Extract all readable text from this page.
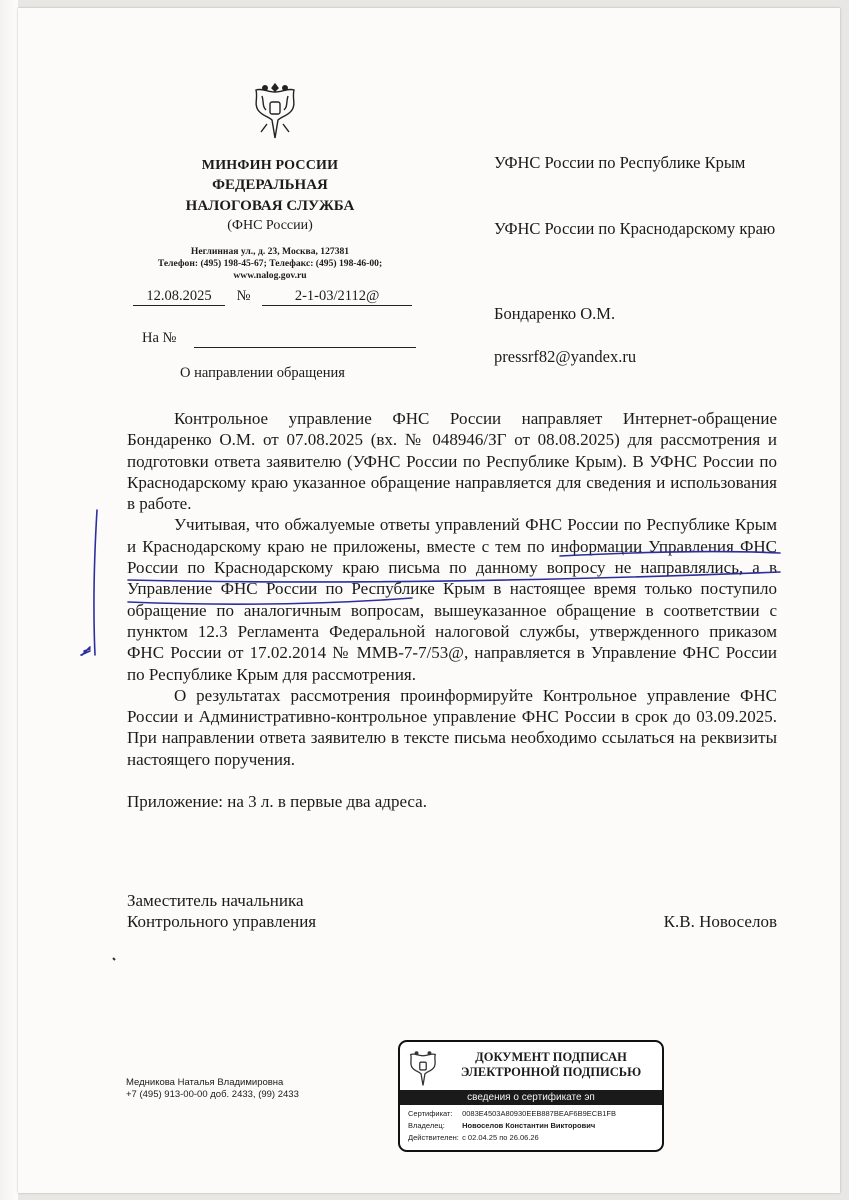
МИНФИН РОССИИ
ФЕДЕРАЛЬНАЯ
НАЛОГОВАЯ СЛУЖБА
(ФНС России)
Неглинная ул., д. 23, Москва, 127381
Телефон: (495) 198-45-67; Телефакс: (495) 198-46-00;
www.nalog.gov.ru
12.08.2025 №	2-1-03/2112@
На №
О направлении обращения
УФНС России по Республике Крым
УФНС России по Краснодарскому краю
Бондаренко О.М.
pressrf82@yandex.ru

Контрольное управление ФНС России направляет Интернет-обращение Бондаренко О.М. от 07.08.2025 (вх. № 048946/ЗГ от 08.08.2025) для рассмотрения и подготовки ответа заявителю (УФНС России по Республике Крым). В УФНС России по Краснодарскому краю указанное обращение направляется для сведения и использования в работе.

Учитывая, что обжалуемые ответы управлений ФНС России по Республике Крым и Краснодарскому краю не приложены, вместе с тем по информации Управления ФНС России по Краснодарскому краю письма по данному вопросу не направлялись, а в Управление ФНС России по Республике Крым в настоящее время только поступило обращение по аналогичным вопросам, вышеуказанное обращение в соответствии с пунктом 12.3 Регламента Федеральной налоговой службы, утвержденного приказом ФНС России от 17.02.2014 № ММВ-7-7/53@, направляется в Управление ФНС России по Республике Крым для рассмотрения.

О результатах рассмотрения проинформируйте Контрольное управление ФНС России и Административно-контрольное управление ФНС России в срок до 03.09.2025. При направлении ответа заявителю в тексте письма необходимо ссылаться на реквизиты настоящего поручения.

Приложение: на 3 л. в первые два адреса.

Заместитель начальника
Контрольного управления	К.В. Новоселов
Медникова Наталья Владимировна
+7 (495) 913-00-00 доб. 2433, (99) 2433
ДОКУМЕНТ ПОДПИСАН
ЭЛЕКТРОННОЙ ПОДПИСЬЮ
сведения о сертификате эп
Сертификат: 0083E4503A80930EEB887BEAF6B9ECB1FB
Владелец: Новоселов Константин Викторович
Действителен: с 02.04.25 по 26.06.26
